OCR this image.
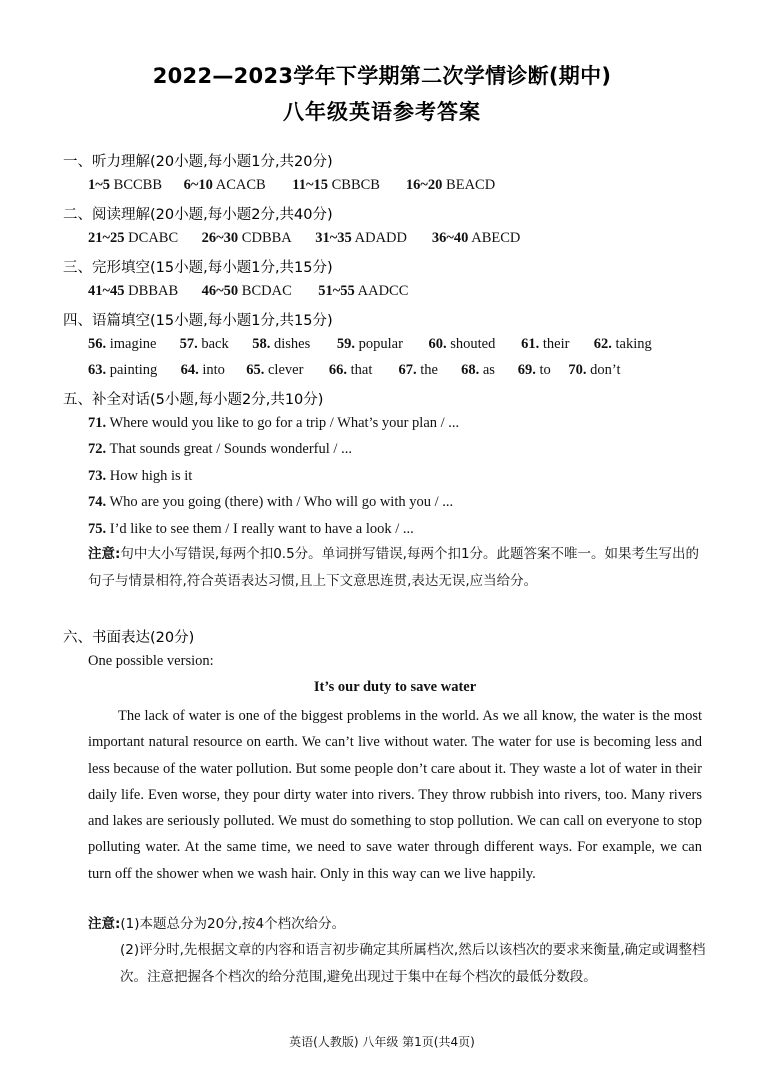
2022—2023学年下学期第二次学情诊断(期中)
八年级英语参考答案
一、听力理解(20小题,每小题1分,共20分)
1~5 BCCBB 6~10 ACACB 11~15 CBBCB 16~20 BEACD
二、阅读理解(20小题,每小题2分,共40分)
21~25 DCABC 26~30 CDBBA 31~35 ADADD 36~40 ABECD
三、完形填空(15小题,每小题1分,共15分)
41~45 DBBAB 46~50 BCDAC 51~55 AADCC
四、语篇填空(15小题,每小题1分,共15分)
56. imagine 57. back 58. dishes 59. popular 60. shouted 61. their 62. taking
63. painting 64. into 65. clever 66. that 67. the 68. as 69. to 70. don’t
五、补全对话(5小题,每小题2分,共10分)
71. Where would you like to go for a trip / What’s your plan / ...
72. That sounds great / Sounds wonderful / ...
73. How high is it
74. Who are you going (there) with / Who will go with you / ...
75. I’d like to see them / I really want to have a look / ...
注意:句中大小写错误,每两个扣0.5分。单词拼写错误,每两个扣1分。此题答案不唯一。如果考生写出的句子与情景相符,符合英语表达习惯,且上下文意思连贯,表达无误,应当给分。
六、书面表达(20分)
One possible version:
It’s our duty to save water
The lack of water is one of the biggest problems in the world. As we all know, the water is the most important natural resource on earth. We can’t live without water. The water for use is becoming less and less because of the water pollution. But some people don’t care about it. They waste a lot of water in their daily life. Even worse, they pour dirty water into rivers. They throw rubbish into rivers, too. Many rivers and lakes are seriously polluted. We must do something to stop pollution. We can call on everyone to stop polluting water. At the same time, we need to save water through different ways. For example, we can turn off the shower when we wash hair. Only in this way can we live happily.
注意:(1)本题总分为20分,按4个档次给分。
(2)评分时,先根据文章的内容和语言初步确定其所属档次,然后以该档次的要求来衡量,确定或调整档次。注意把握各个档次的给分范围,避免出现过于集中在每个档次的最低分数段。
英语(人教版) 八年级 第1页(共4页)
